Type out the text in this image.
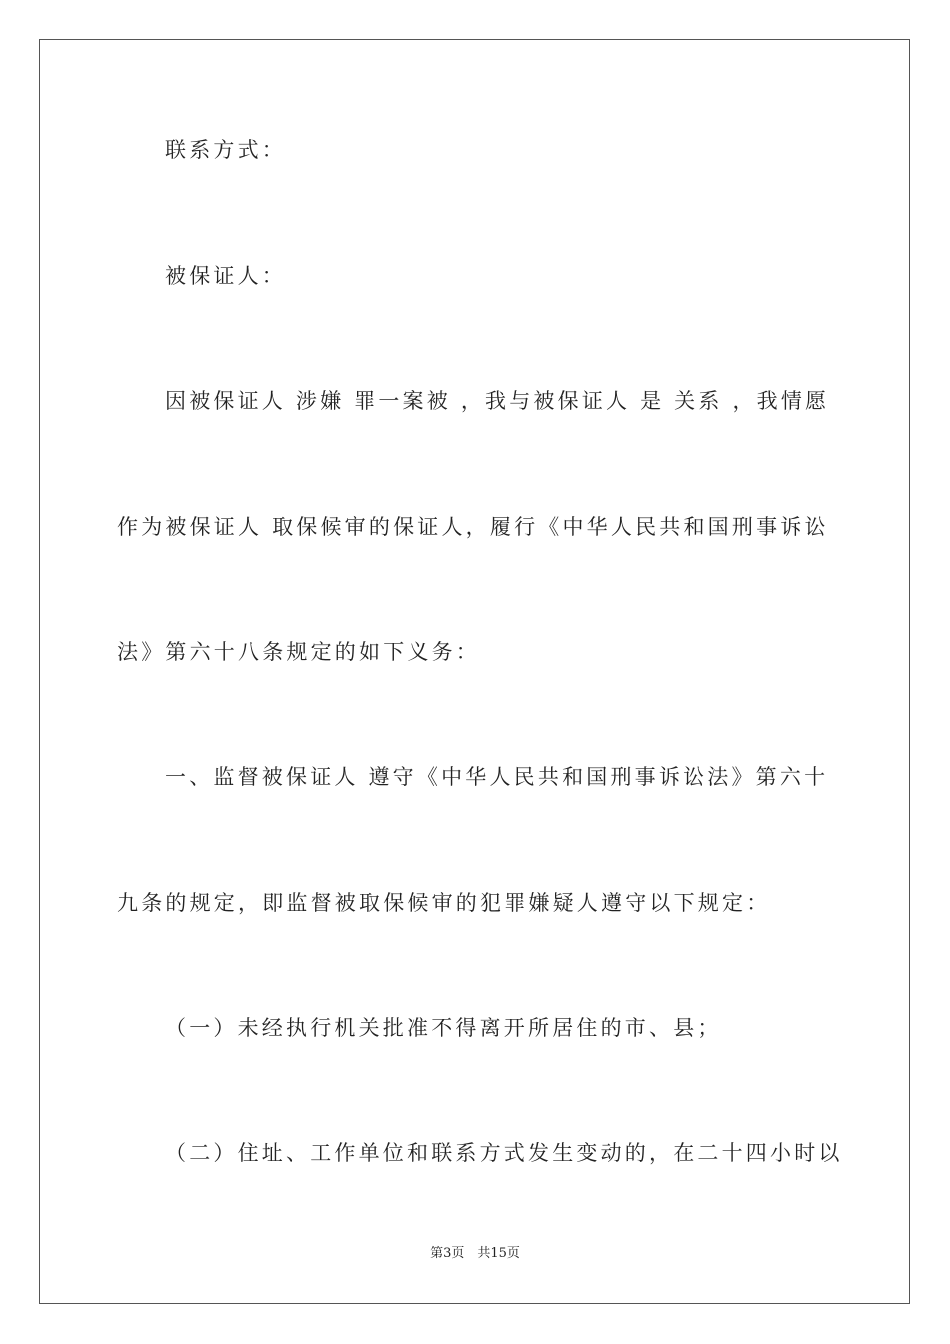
联系方式：
被保证人：
因被保证人 涉嫌 罪一案被 ，我与被保证人 是 关系 ，我情愿
作为被保证人 取保候审的保证人，履行《中华人民共和国刑事诉讼
法》第六十八条规定的如下义务：
一、监督被保证人 遵守《中华人民共和国刑事诉讼法》第六十
九条的规定，即监督被取保候审的犯罪嫌疑人遵守以下规定：
（一）未经执行机关批准不得离开所居住的市、县；
（二）住址、工作单位和联系方式发生变动的，在二十四小时以
第3页　共15页
